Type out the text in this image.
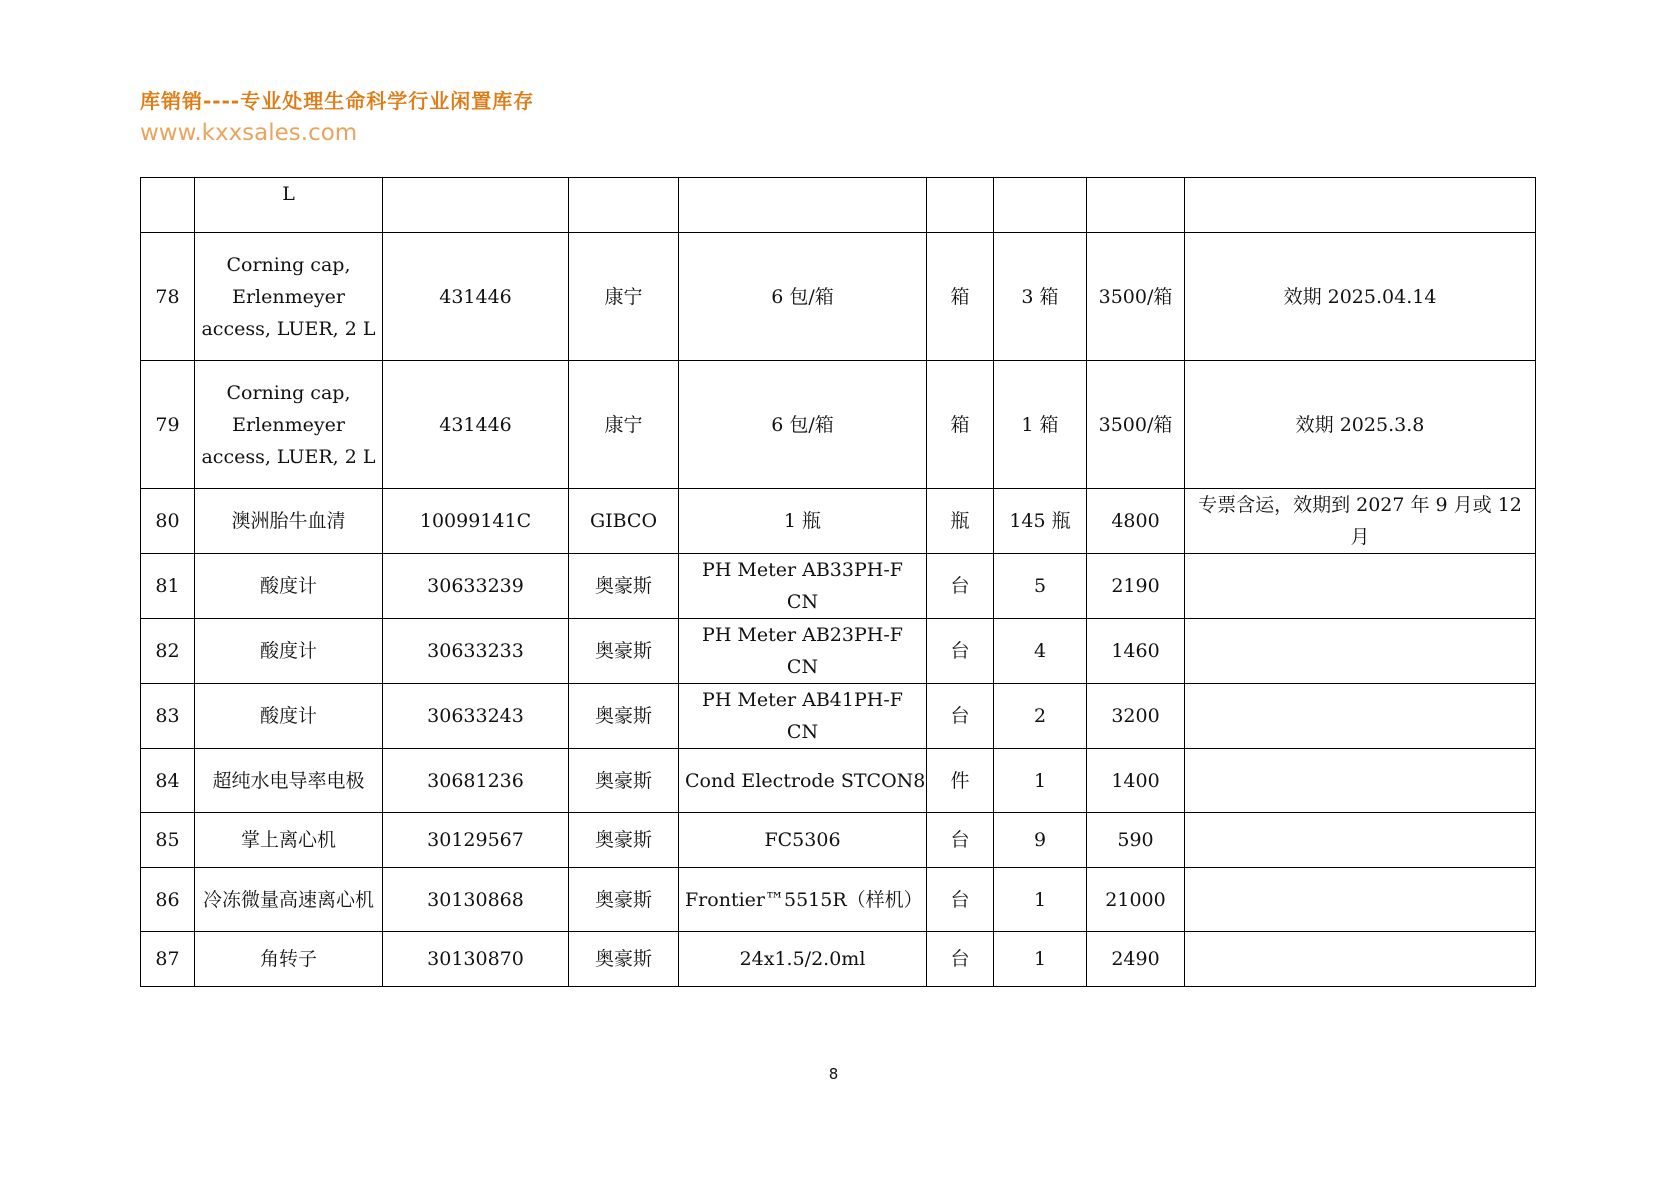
库销销----专业处理生命科学行业闲置库存
www.kxxsales.com
	L							
78	Corning cap, Erlenmeyer access, LUER, 2 L	431446	康宁	6 包/箱	箱	3 箱	3500/箱	效期 2025.04.14
79	Corning cap, Erlenmeyer access, LUER, 2 L	431446	康宁	6 包/箱	箱	1 箱	3500/箱	效期 2025.3.8
80	澳洲胎牛血清	10099141C	GIBCO	1 瓶	瓶	145 瓶	4800	专票含运，效期到 2027 年 9 月或 12 月
81	酸度计	30633239	奥豪斯	PH Meter AB33PH-F CN	台	5	2190	
82	酸度计	30633233	奥豪斯	PH Meter AB23PH-F CN	台	4	1460	
83	酸度计	30633243	奥豪斯	PH Meter AB41PH-F CN	台	2	3200	
84	超纯水电导率电极	30681236	奥豪斯	Cond Electrode STCON8	件	1	1400	
85	掌上离心机	30129567	奥豪斯	FC5306	台	9	590	
86	冷冻微量高速离心机	30130868	奥豪斯	Frontier™5515R（样机）	台	1	21000	
87	角转子	30130870	奥豪斯	24x1.5/2.0ml	台	1	2490	
8
